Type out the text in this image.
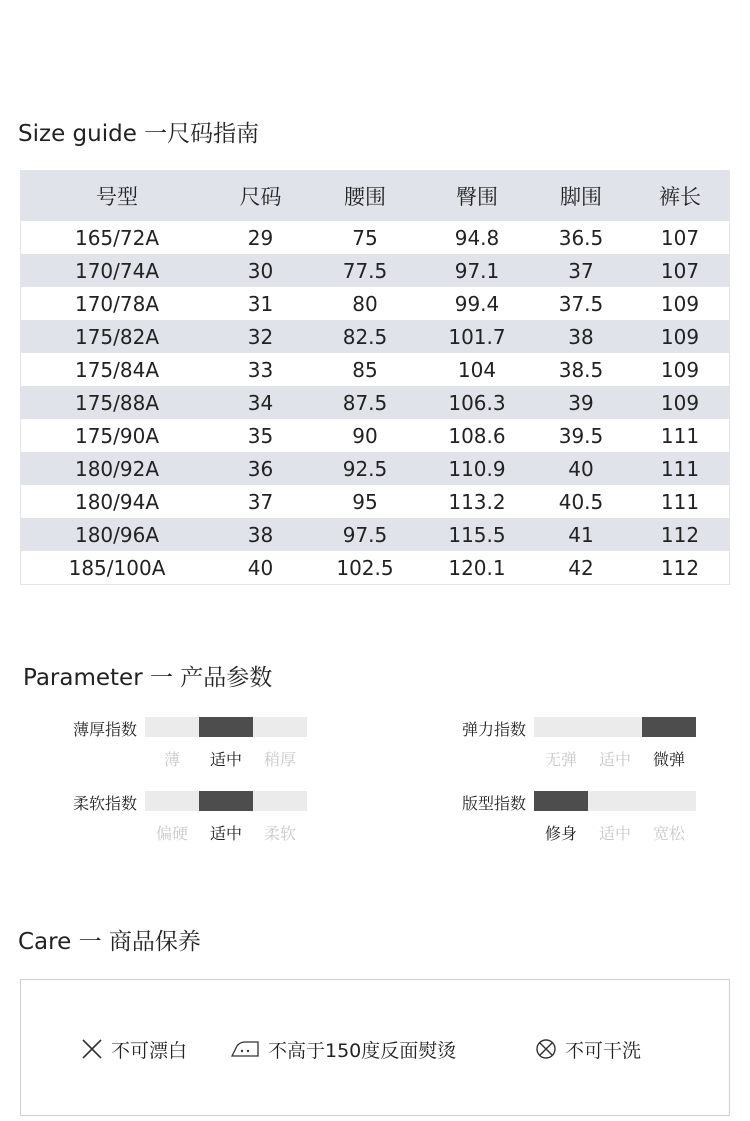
Size guide 一尺码指南
号型	尺码	腰围	臀围	脚围	裤长
165/72A	29	75	94.8	36.5	107
170/74A	30	77.5	97.1	37	107
170/78A	31	80	99.4	37.5	109
175/82A	32	82.5	101.7	38	109
175/84A	33	85	104	38.5	109
175/88A	34	87.5	106.3	39	109
175/90A	35	90	108.6	39.5	111
180/92A	36	92.5	110.9	40	111
180/94A	37	95	113.2	40.5	111
180/96A	38	97.5	115.5	41	112
185/100A	40	102.5	120.1	42	112
Parameter 一 产品参数
薄厚指数
薄	适中	稍厚
弹力指数
无弹	适中	微弹
柔软指数
偏硬	适中	柔软
版型指数
修身	适中	宽松
Care 一 商品保养
不可漂白	不高于150度反面熨烫	不可干洗
